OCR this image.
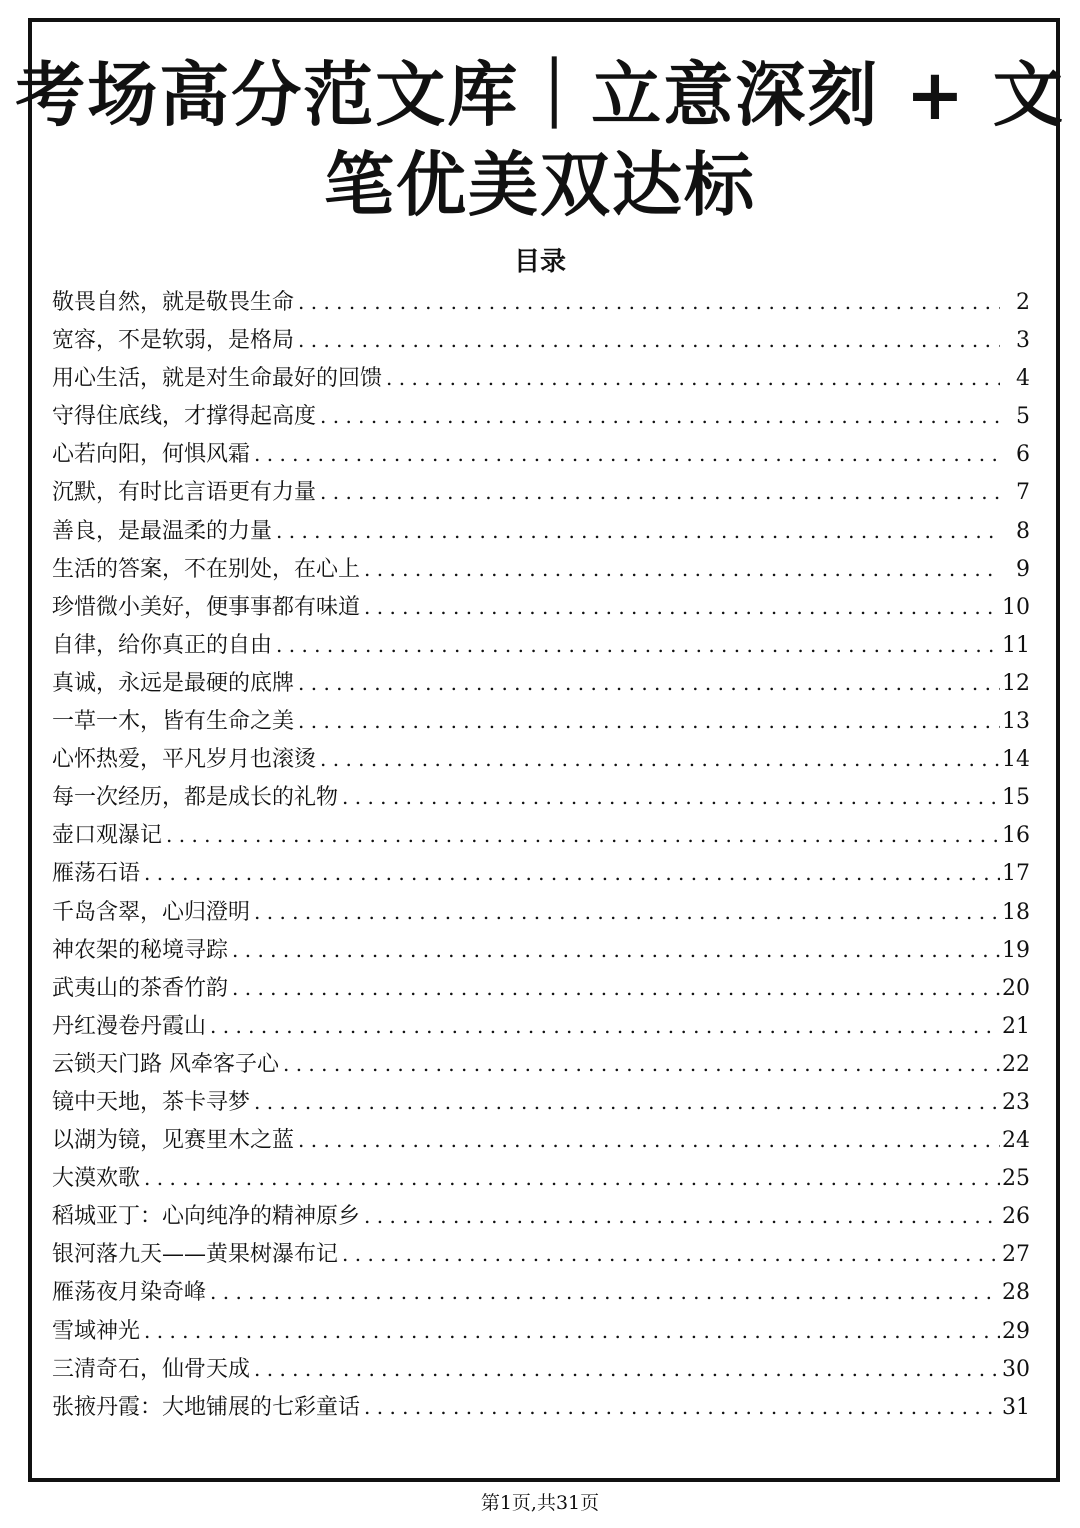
考场高分范文库｜立意深刻 + 文
笔优美双达标
目录
敬畏自然，就是敬畏生命 . . .	2
宽容，不是软弱，是格局 . . .	3
用心生活，就是对生命最好的回馈 . . .	4
守得住底线，才撑得起高度 . . .	5
心若向阳，何惧风霜 . . .	6
沉默，有时比言语更有力量 . . .	7
善良，是最温柔的力量 . . .	8
生活的答案，不在别处，在心上 . . .	9
珍惜微小美好，便事事都有味道 . . .	10
自律，给你真正的自由 . . .	11
真诚，永远是最硬的底牌 . . .	12
一草一木，皆有生命之美 . . .	13
心怀热爱，平凡岁月也滚烫 . . .	14
每一次经历，都是成长的礼物 . . .	15
壶口观瀑记 . . .	16
雁荡石语 . . .	17
千岛含翠，心归澄明 . . .	18
神农架的秘境寻踪 . . .	19
武夷山的茶香竹韵 . . .	20
丹红漫卷丹霞山 . . .	21
云锁天门路 风牵客子心 . . .	22
镜中天地，茶卡寻梦 . . .	23
以湖为镜，见赛里木之蓝 . . .	24
大漠欢歌 . . .	25
稻城亚丁：心向纯净的精神原乡 . . .	26
银河落九天——黄果树瀑布记 . . .	27
雁荡夜月染奇峰 . . .	28
雪域神光 . . .	29
三清奇石，仙骨天成 . . .	30
张掖丹霞：大地铺展的七彩童话 . . .	31
第1页,共31页
